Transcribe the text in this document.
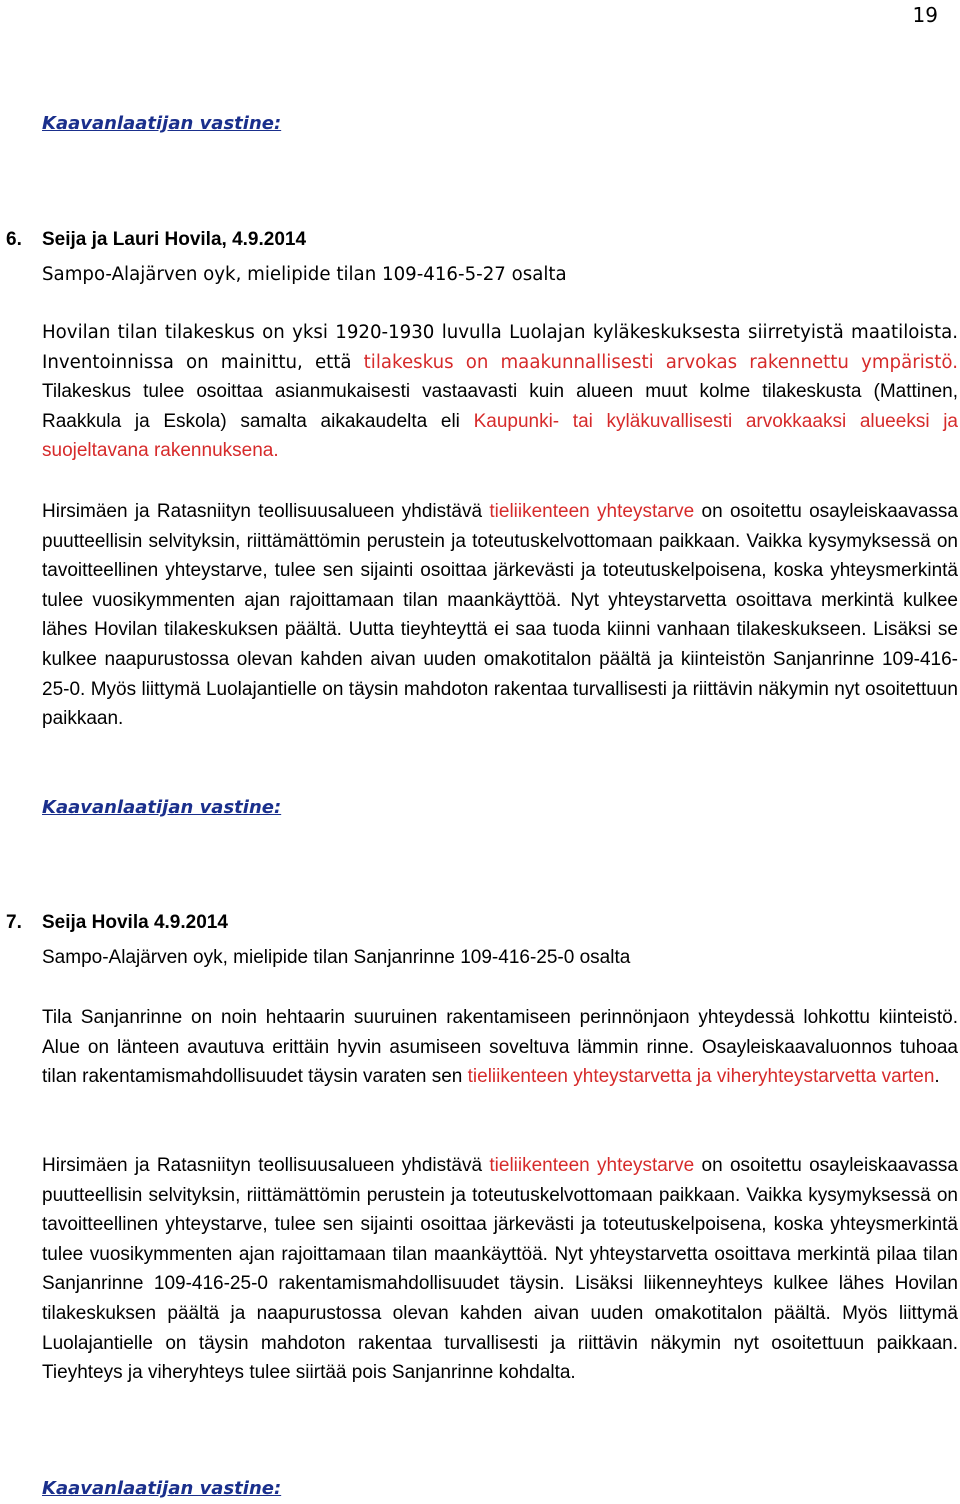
19

Kaavanlaatijan vastine:

6. Seija ja Lauri Hovila, 4.9.2014

Sampo-Alajärven oyk, mielipide tilan 109-416-5-27 osalta

Hovilan tilan tilakeskus on yksi 1920-1930 luvulla Luolajan kyläkeskuksesta siirretyistä maatiloista. Inventoinnissa on mainittu, että tilakeskus on maakunnallisesti arvokas rakennettu ympäristö. Tilakeskus tulee osoittaa asianmukaisesti vastaavasti kuin alueen muut kolme tilakeskusta (Mattinen, Raakkula ja Eskola) samalta aikakaudelta eli Kaupunki- tai kyläkuvallisesti arvokkaaksi alueeksi ja suojeltavana rakennuksena.

Hirsimäen ja Ratasniityn teollisuusalueen yhdistävä tieliikenteen yhteystarve on osoitettu osayleiskaavassa puutteellisin selvityksin, riittämättömin perustein ja toteutuskelvottomaan paikkaan. Vaikka kysymyksessä on tavoitteellinen yhteystarve, tulee sen sijainti osoittaa järkevästi ja toteutuskelpoisena, koska yhteysmerkintä tulee vuosikymmenten ajan rajoittamaan tilan maankäyttöä. Nyt yhteystarvetta osoittava merkintä kulkee lähes Hovilan tilakeskuksen päältä. Uutta tieyhteyttä ei saa tuoda kiinni vanhaan tilakeskukseen. Lisäksi se kulkee naapurustossa olevan kahden aivan uuden omakotitalon päältä ja kiinteistön Sanjanrinne 109-416-25-0. Myös liittymä Luolajantielle on täysin mahdoton rakentaa turvallisesti ja riittävin näkymin nyt osoitettuun paikkaan.

Kaavanlaatijan vastine:

7. Seija Hovila 4.9.2014

Sampo-Alajärven oyk, mielipide tilan Sanjanrinne 109-416-25-0 osalta

Tila Sanjanrinne on noin hehtaarin suuruinen rakentamiseen perinnönjaon yhteydessä lohkottu kiinteistö. Alue on länteen avautuva erittäin hyvin asumiseen soveltuva lämmin rinne. Osayleiskaavaluonnos tuhoaa tilan rakentamismahdollisuudet täysin varaten sen tieliikenteen yhteystarvetta ja viheryhteystarvetta varten.

Hirsimäen ja Ratasniityn teollisuusalueen yhdistävä tieliikenteen yhteystarve on osoitettu osayleiskaavassa puutteellisin selvityksin, riittämättömin perustein ja toteutuskelvottomaan paikkaan. Vaikka kysymyksessä on tavoitteellinen yhteystarve, tulee sen sijainti osoittaa järkevästi ja toteutuskelpoisena, koska yhteysmerkintä tulee vuosikymmenten ajan rajoittamaan tilan maankäyttöä. Nyt yhteystarvetta osoittava merkintä pilaa tilan Sanjanrinne 109-416-25-0 rakentamismahdollisuudet täysin. Lisäksi liikenneyhteys kulkee lähes Hovilan tilakeskuksen päältä ja naapurustossa olevan kahden aivan uuden omakotitalon päältä. Myös liittymä Luolajantielle on täysin mahdoton rakentaa turvallisesti ja riittävin näkymin nyt osoitettuun paikkaan. Tieyhteys ja viheryhteys tulee siirtää pois Sanjanrinne kohdalta.

Kaavanlaatijan vastine:
